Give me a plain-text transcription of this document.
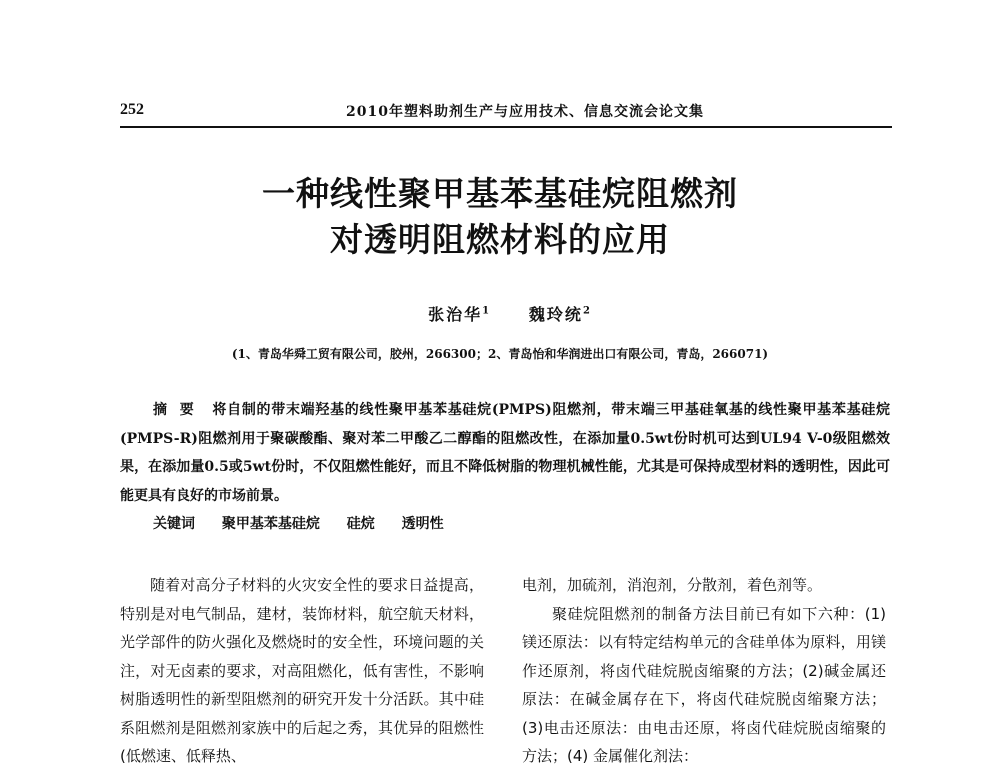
252	2010年塑料助剂生产与应用技术、信息交流会论文集
一种线性聚甲基苯基硅烷阻燃剂
对透明阻燃材料的应用
张治华$^1$ 魏玲统$^2$
(1、青岛华舜工贸有限公司，胶州，266300；2、青岛怡和华润进出口有限公司，青岛，266071)
摘要 将自制的带末端羟基的线性聚甲基苯基硅烷(PMPS)阻燃剂，带末端三甲基硅氧基的线性聚甲基苯基硅烷(PMPS-R)阻燃剂用于聚碳酸酯、聚对苯二甲酸乙二醇酯的阻燃改性，在添加量0.5wt份时机可达到UL94 V-0级阻燃效果，在添加量0.5或5wt份时，不仅阻燃性能好，而且不降低树脂的物理机械性能，尤其是可保持成型材料的透明性，因此可能更具有良好的市场前景。
关键词 聚甲基苯基硅烷 硅烷 透明性
随着对高分子材料的火灾安全性的要求日益提高，特别是对电气制品，建材，装饰材料，航空航天材料，光学部件的防火强化及燃烧时的安全性，环境问题的关注，对无卤素的要求，对高阻燃化，低有害性，不影响树脂透明性的新型阻燃剂的研究开发十分活跃。其中硅系阻燃剂是阻燃剂家族中的后起之秀，其优异的阻燃性(低燃速、低释热、
电剂，加硫剂，消泡剂，分散剂，着色剂等。
聚硅烷阻燃剂的制备方法目前已有如下六种：(1)镁还原法：以有特定结构单元的含硅单体为原料，用镁作还原剂，将卤代硅烷脱卤缩聚的方法；(2)碱金属还原法：在碱金属存在下，将卤代硅烷脱卤缩聚方法；(3)电击还原法：由电击还原，将卤代硅烷脱卤缩聚的方法；(4) 金属催化剂法：
